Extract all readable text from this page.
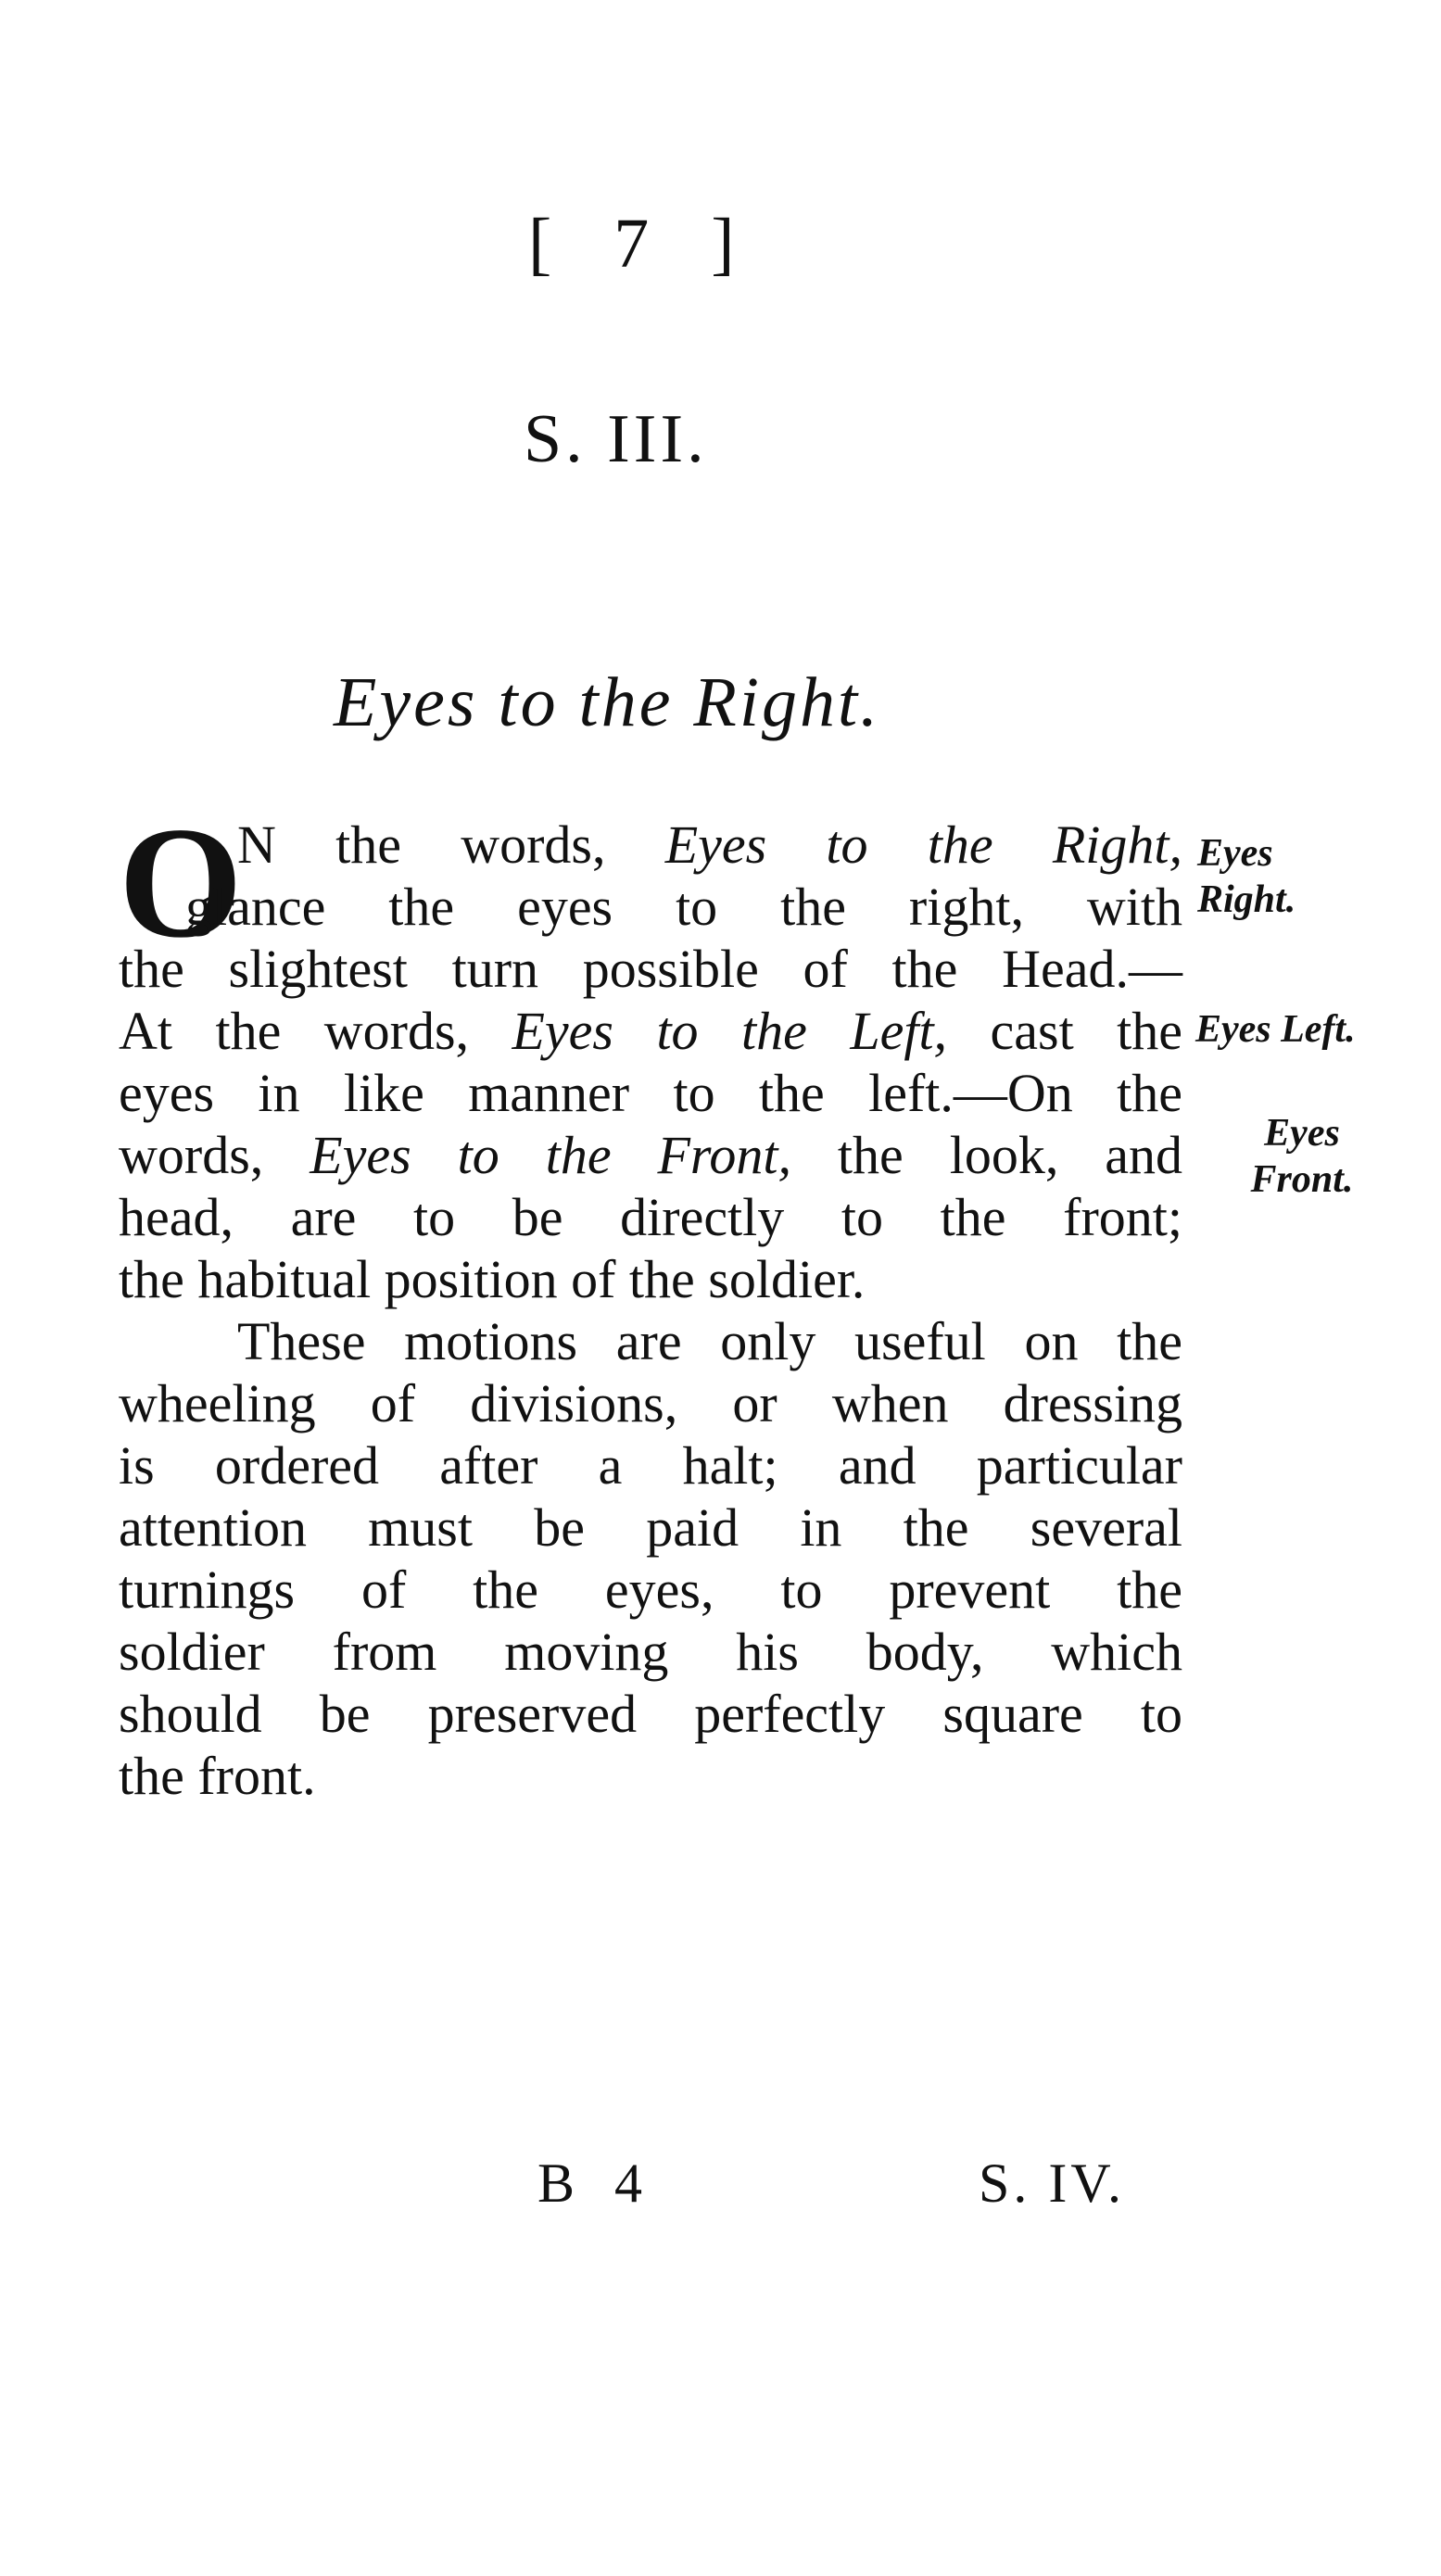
[ 7 ]
S. III.
Eyes to the Right.
O
N the words, Eyes to the Right,
glance the eyes to the right, with
the slightest turn possible of the Head.—
At the words, Eyes to the Left, cast the
eyes in like manner to the left.—On the
words, Eyes to the Front, the look, and
head, are to be directly to the front;
the habitual position of the soldier.
These motions are only useful on the
wheeling of divisions, or when dressing
is ordered after a halt; and particular
attention must be paid in the several
turnings of the eyes, to prevent the
soldier from moving his body, which
should be preserved perfectly square to
the front.
Eyes Right.
Eyes Left.
Eyes Front.
B 4	S. IV.
